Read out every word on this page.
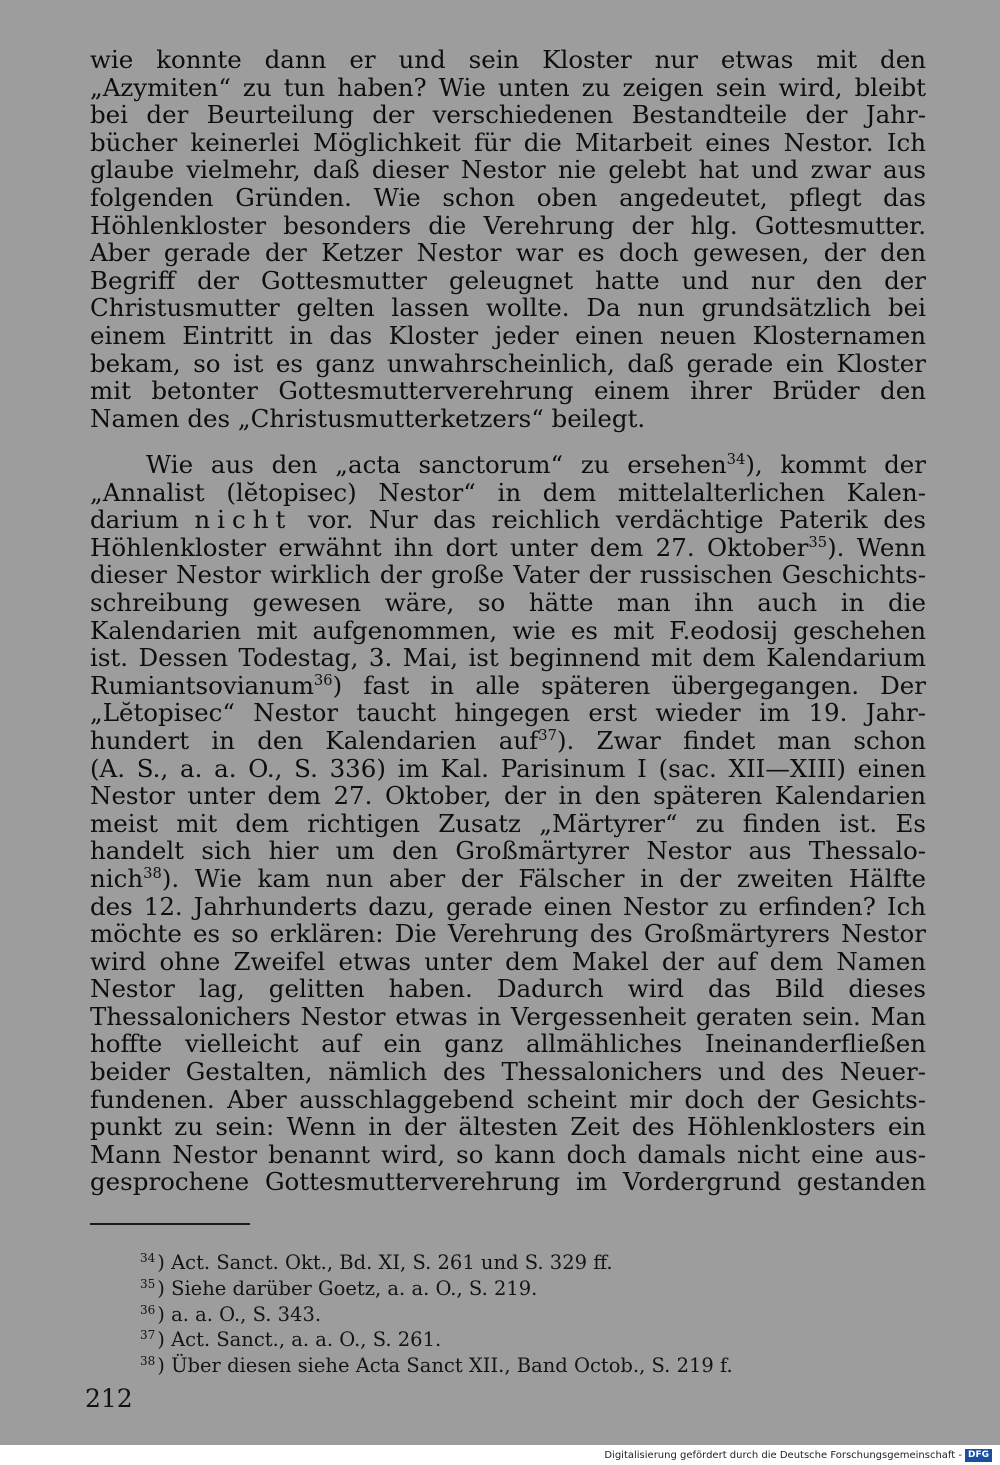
wie konnte dann er und sein Kloster nur etwas mit den
„Azymiten“ zu tun haben? Wie unten zu zeigen sein wird, bleibt
bei der Beurteilung der verschiedenen Bestandteile der Jahr-
bücher keinerlei Möglichkeit für die Mitarbeit eines Nestor. Ich
glaube vielmehr, daß dieser Nestor nie gelebt hat und zwar aus
folgenden Gründen. Wie schon oben angedeutet, pflegt das
Höhlenkloster besonders die Verehrung der hlg. Gottesmutter.
Aber gerade der Ketzer Nestor war es doch gewesen, der den
Begriff der Gottesmutter geleugnet hatte und nur den der
Christusmutter gelten lassen wollte. Da nun grundsätzlich bei
einem Eintritt in das Kloster jeder einen neuen Klosternamen
bekam, so ist es ganz unwahrscheinlich, daß gerade ein Kloster
mit betonter Gottesmutterverehrung einem ihrer Brüder den
Namen des „Christusmutterketzers“ beilegt.
Wie aus den „acta sanctorum“ zu ersehen$^{34}$), kommt der
„Annalist (lĕtopisec) Nestor“ in dem mittelalterlichen Kalen-
darium nicht vor. Nur das reichlich verdächtige Paterik des
Höhlenkloster erwähnt ihn dort unter dem 27. Oktober$^{35}$). Wenn
dieser Nestor wirklich der große Vater der russischen Geschichts-
schreibung gewesen wäre, so hätte man ihn auch in die
Kalendarien mit aufgenommen, wie es mit F.eodosij geschehen
ist. Dessen Todestag, 3. Mai, ist beginnend mit dem Kalendarium
Rumiantsovianum$^{36}$) fast in alle späteren übergegangen. Der
„Lĕtopisec“ Nestor taucht hingegen erst wieder im 19. Jahr-
hundert in den Kalendarien auf$^{37}$). Zwar findet man schon
(A. S., a. a. O., S. 336) im Kal. Parisinum I (sac. XII—XIII) einen
Nestor unter dem 27. Oktober, der in den späteren Kalendarien
meist mit dem richtigen Zusatz „Märtyrer“ zu finden ist. Es
handelt sich hier um den Großmärtyrer Nestor aus Thessalo-
nich$^{38}$). Wie kam nun aber der Fälscher in der zweiten Hälfte
des 12. Jahrhunderts dazu, gerade einen Nestor zu erfinden? Ich
möchte es so erklären: Die Verehrung des Großmärtyrers Nestor
wird ohne Zweifel etwas unter dem Makel der auf dem Namen
Nestor lag, gelitten haben. Dadurch wird das Bild dieses
Thessalonichers Nestor etwas in Vergessenheit geraten sein. Man
hoffte vielleicht auf ein ganz allmähliches Ineinanderfließen
beider Gestalten, nämlich des Thessalonichers und des Neuer-
fundenen. Aber ausschlaggebend scheint mir doch der Gesichts-
punkt zu sein: Wenn in der ältesten Zeit des Höhlenklosters ein
Mann Nestor benannt wird, so kann doch damals nicht eine aus-
gesprochene Gottesmutterverehrung im Vordergrund gestanden
$^{34}$ ) Act. Sanct. Okt., Bd. XI, S. 261 und S. 329 ff.
$^{35}$ ) Siehe darüber Goetz, a. a. O., S. 219.
$^{36}$ ) a. a. O., S. 343.
$^{37}$ ) Act. Sanct., a. a. O., S. 261.
$^{38}$ ) Über diesen siehe Acta Sanct XII., Band Octob., S. 219 f.
212
Digitalisierung gefördert durch die Deutsche Forschungsgemeinschaft - DFG
